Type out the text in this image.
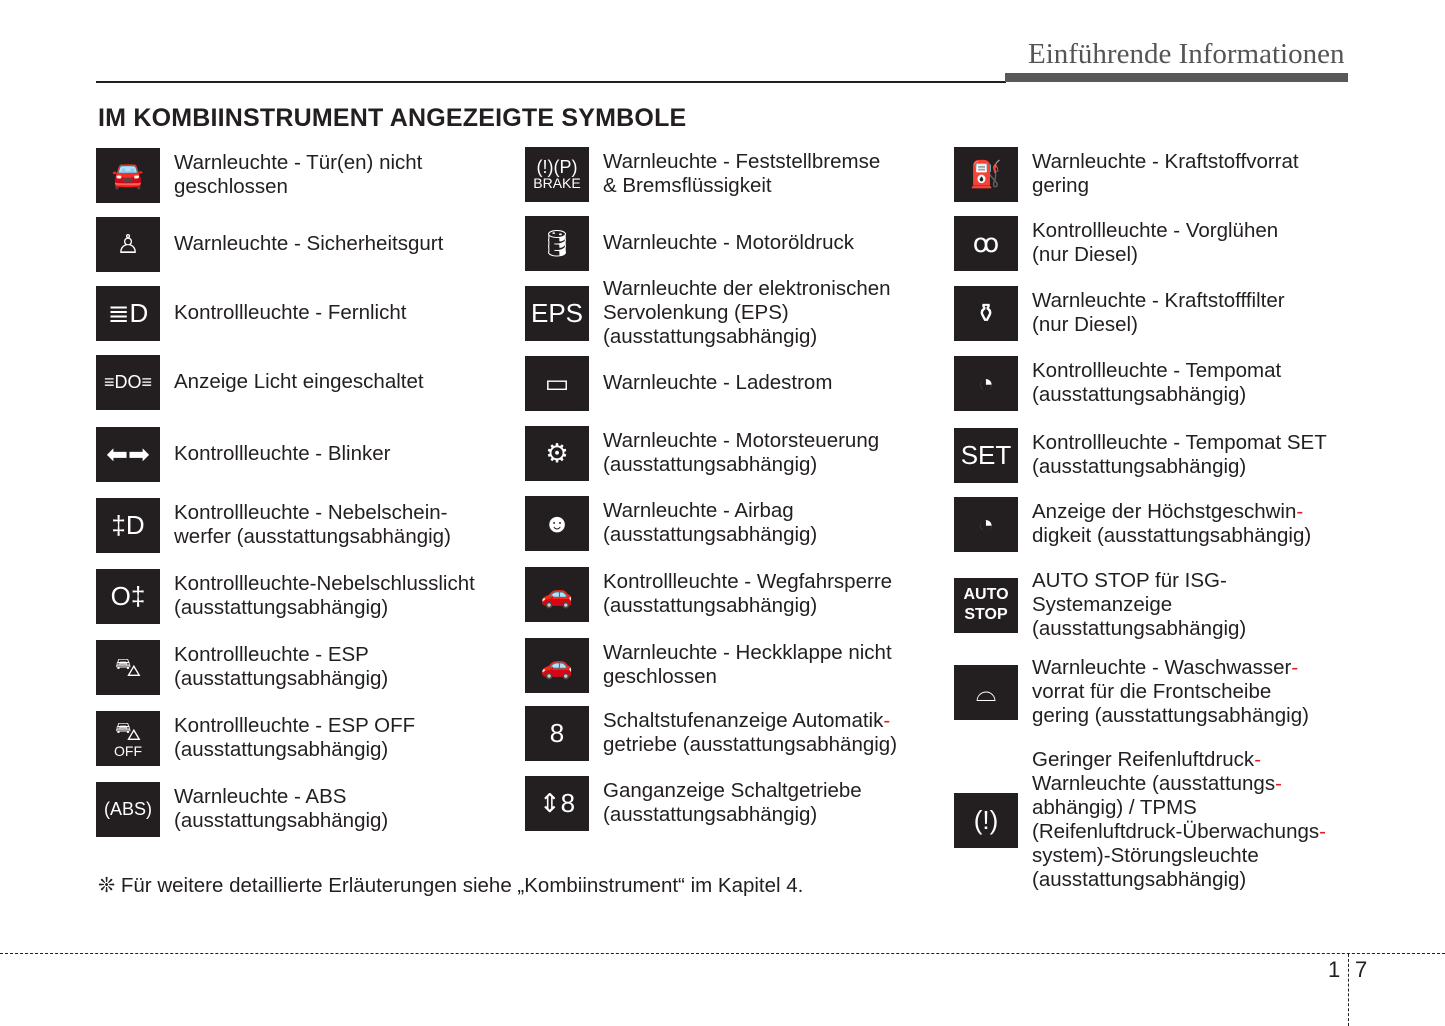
Einführende Informationen
IM KOMBIINSTRUMENT ANGEZEIGTE SYMBOLE
🚘 Warnleuchte - Tür(en) nicht
geschlossen
♙ Warnleuchte - Sicherheitsgurt
≣D Kontrollleuchte - Fernlicht
≡DO≡ Anzeige Licht eingeschaltet
⬅➡ Kontrollleuchte - Blinker
‡D Kontrollleuchte - Nebelschein-
werfer (ausstattungsabhängig)
O‡ Kontrollleuchte-Nebelschlusslicht
(ausstattungsabhängig)
⛍ Kontrollleuchte - ESP
(ausstattungsabhängig)
⛍
OFF
Kontrollleuchte - ESP OFF
(ausstattungsabhängig)
(ABS)
Warnleuchte - ABS
(ausstattungsabhängig)
(!)(P)
BRAKE
Warnleuchte - Feststellbremse
& Bremsflüssigkeit
🛢 Warnleuchte - Motoröldruck
EPS
Warnleuchte der elektronischen
Servolenkung (EPS)
(ausstattungsabhängig)
▭ Warnleuchte - Ladestrom
⚙ Warnleuchte - Motorsteuerung
(ausstattungsabhängig)
☻ Warnleuchte - Airbag
(ausstattungsabhängig)
🚗 Kontrollleuchte - Wegfahrsperre
(ausstattungsabhängig)
🚗 Warnleuchte - Heckklappe nicht
geschlossen
8 Schaltstufenanzeige Automatik-
getriebe (ausstattungsabhängig)
⇕8 Ganganzeige Schaltgetriebe
(ausstattungsabhängig)
⛽ Warnleuchte - Kraftstoffvorrat
gering
ꝏ Kontrollleuchte - Vorglühen
(nur Diesel)
⚱ Warnleuchte - Kraftstofffilter
(nur Diesel)
◔ Kontrollleuchte - Tempomat
(ausstattungsabhängig)
SET Kontrollleuchte - Tempomat SET
(ausstattungsabhängig)
◔ Anzeige der Höchstgeschwin-
digkeit (ausstattungsabhängig)
AUTO STOP
AUTO STOP für ISG-
Systemanzeige
(ausstattungsabhängig)
⌓
Warnleuchte - Waschwasser-
vorrat für die Frontscheibe
gering (ausstattungsabhängig)
(!)
Geringer Reifenluftdruck-
Warnleuchte (ausstattungs-
abhängig) / TPMS
(Reifenluftdruck-Überwachungs-
system)-Störungsleuchte
(ausstattungsabhängig)
❊ Für weitere detaillierte Erläuterungen siehe „Kombiinstrument“ im Kapitel 4.
1 7
